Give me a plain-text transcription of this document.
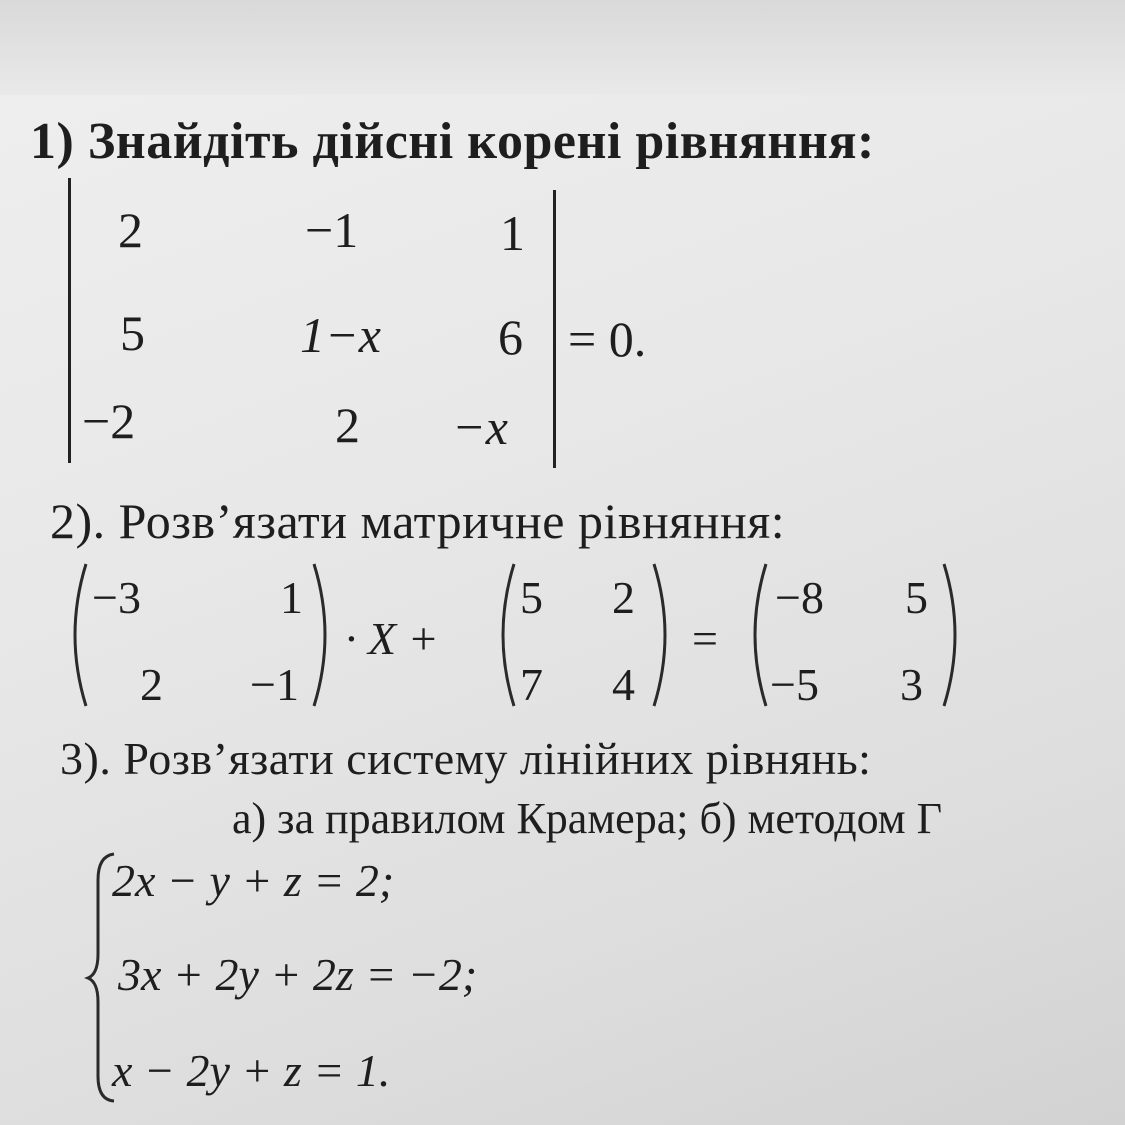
1) Знайдіть дійсні корені рівняння:
2	−1	1
5	1−x 6
−2	2 −x
= 0.
2). Розв’язати матричне рівняння:
−3	1
2 −1
· X +
5 2
7 4
=
−8 5
−5 3
3). Розв’язати систему лінійних рівнянь:
а) за правилом Крамера; б) методом Г
2x − y + z = 2;
3x + 2y + 2z = −2;
x − 2y + z = 1.
